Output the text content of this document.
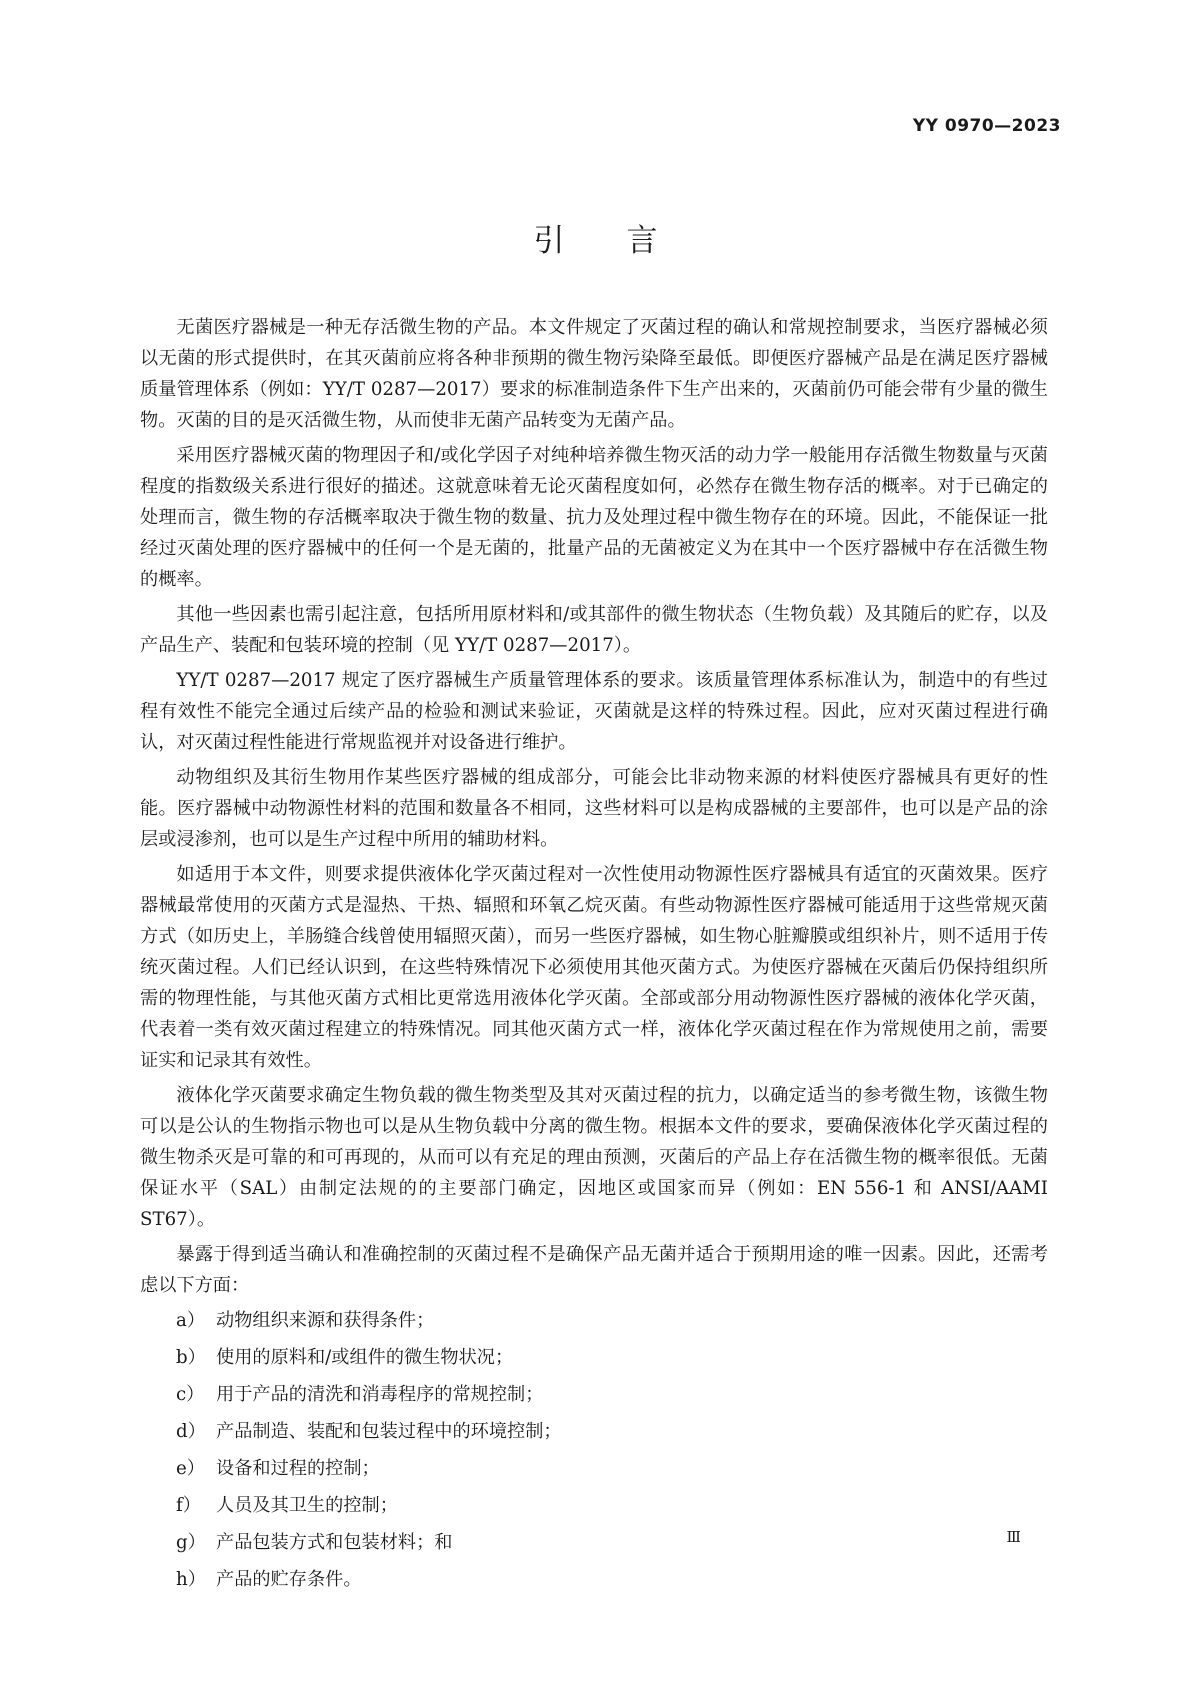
YY 0970—2023
引言

无菌医疗器械是一种无存活微生物的产品。本文件规定了灭菌过程的确认和常规控制要求，当医疗器械必须以无菌的形式提供时，在其灭菌前应将各种非预期的微生物污染降至最低。即便医疗器械产品是在满足医疗器械质量管理体系（例如：YY/T 0287—2017）要求的标准制造条件下生产出来的，灭菌前仍可能会带有少量的微生物。灭菌的目的是灭活微生物，从而使非无菌产品转变为无菌产品。

采用医疗器械灭菌的物理因子和/或化学因子对纯种培养微生物灭活的动力学一般能用存活微生物数量与灭菌程度的指数级关系进行很好的描述。这就意味着无论灭菌程度如何，必然存在微生物存活的概率。对于已确定的处理而言，微生物的存活概率取决于微生物的数量、抗力及处理过程中微生物存在的环境。因此，不能保证一批经过灭菌处理的医疗器械中的任何一个是无菌的，批量产品的无菌被定义为在其中一个医疗器械中存在活微生物的概率。

其他一些因素也需引起注意，包括所用原材料和/或其部件的微生物状态（生物负载）及其随后的贮存，以及产品生产、装配和包装环境的控制（见 YY/T 0287—2017）。

YY/T 0287—2017 规定了医疗器械生产质量管理体系的要求。该质量管理体系标准认为，制造中的有些过程有效性不能完全通过后续产品的检验和测试来验证，灭菌就是这样的特殊过程。因此，应对灭菌过程进行确认，对灭菌过程性能进行常规监视并对设备进行维护。

动物组织及其衍生物用作某些医疗器械的组成部分，可能会比非动物来源的材料使医疗器械具有更好的性能。医疗器械中动物源性材料的范围和数量各不相同，这些材料可以是构成器械的主要部件，也可以是产品的涂层或浸渗剂，也可以是生产过程中所用的辅助材料。

如适用于本文件，则要求提供液体化学灭菌过程对一次性使用动物源性医疗器械具有适宜的灭菌效果。医疗器械最常使用的灭菌方式是湿热、干热、辐照和环氧乙烷灭菌。有些动物源性医疗器械可能适用于这些常规灭菌方式（如历史上，羊肠缝合线曾使用辐照灭菌），而另一些医疗器械，如生物心脏瓣膜或组织补片，则不适用于传统灭菌过程。人们已经认识到，在这些特殊情况下必须使用其他灭菌方式。为使医疗器械在灭菌后仍保持组织所需的物理性能，与其他灭菌方式相比更常选用液体化学灭菌。全部或部分用动物源性医疗器械的液体化学灭菌，代表着一类有效灭菌过程建立的特殊情况。同其他灭菌方式一样，液体化学灭菌过程在作为常规使用之前，需要证实和记录其有效性。

液体化学灭菌要求确定生物负载的微生物类型及其对灭菌过程的抗力，以确定适当的参考微生物，该微生物可以是公认的生物指示物也可以是从生物负载中分离的微生物。根据本文件的要求，要确保液体化学灭菌过程的微生物杀灭是可靠的和可再现的，从而可以有充足的理由预测，灭菌后的产品上存在活微生物的概率很低。无菌保证水平（SAL）由制定法规的的主要部门确定，因地区或国家而异（例如：EN 556-1 和 ANSI/AAMI ST67）。

暴露于得到适当确认和准确控制的灭菌过程不是确保产品无菌并适合于预期用途的唯一因素。因此，还需考虑以下方面：

a） 动物组织来源和获得条件；
b） 使用的原料和/或组件的微生物状况；
c） 用于产品的清洗和消毒程序的常规控制；
d） 产品制造、装配和包装过程中的环境控制；
e） 设备和过程的控制；
f） 人员及其卫生的控制；
g） 产品包装方式和包装材料；和
h） 产品的贮存条件。
Ⅲ
